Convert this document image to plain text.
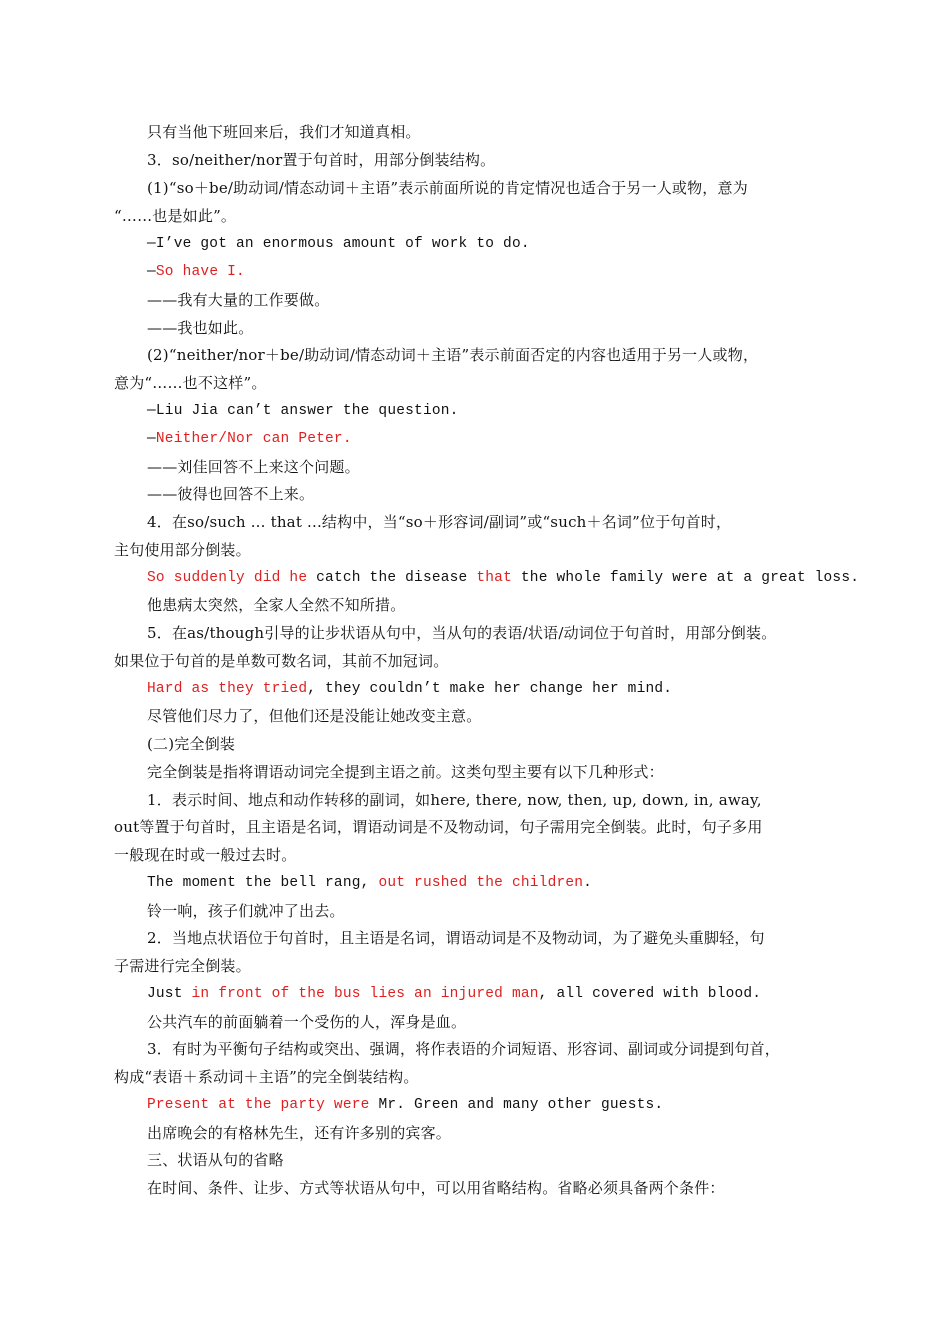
只有当他下班回来后，我们才知道真相。
3．so/neither/nor置于句首时，用部分倒装结构。
(1)“so＋be/助动词/情态动词＋主语”表示前面所说的肯定情况也适合于另一人或物，意为
“……也是如此”。
—I’ve got an enormous amount of work to do.
—So have I.
——我有大量的工作要做。
——我也如此。
(2)“neither/nor＋be/助动词/情态动词＋主语”表示前面否定的内容也适用于另一人或物，
意为“……也不这样”。
—Liu Jia can’t answer the question.
—Neither/Nor can Peter.
——刘佳回答不上来这个问题。
——彼得也回答不上来。
4．在so/such ... that ...结构中，当“so＋形容词/副词”或“such＋名词”位于句首时，
主句使用部分倒装。
So suddenly did he catch the disease that the whole family were at a great loss.
他患病太突然，全家人全然不知所措。
5．在as/though引导的让步状语从句中，当从句的表语/状语/动词位于句首时，用部分倒装。
如果位于句首的是单数可数名词，其前不加冠词。
Hard as they tried, they couldn’t make her change her mind.
尽管他们尽力了，但他们还是没能让她改变主意。
(二)完全倒装
完全倒装是指将谓语动词完全提到主语之前。这类句型主要有以下几种形式：
1．表示时间、地点和动作转移的副词，如here, there, now, then, up, down, in, away,
out等置于句首时，且主语是名词，谓语动词是不及物动词，句子需用完全倒装。此时，句子多用
一般现在时或一般过去时。
The moment the bell rang, out rushed the children.
铃一响，孩子们就冲了出去。
2．当地点状语位于句首时，且主语是名词，谓语动词是不及物动词，为了避免头重脚轻，句
子需进行完全倒装。
Just in front of the bus lies an injured man, all covered with blood.
公共汽车的前面躺着一个受伤的人，浑身是血。
3．有时为平衡句子结构或突出、强调，将作表语的介词短语、形容词、副词或分词提到句首，
构成“表语＋系动词＋主语”的完全倒装结构。
Present at the party were Mr. Green and many other guests.
出席晚会的有格林先生，还有许多别的宾客。
三、状语从句的省略
在时间、条件、让步、方式等状语从句中，可以用省略结构。省略必须具备两个条件：
